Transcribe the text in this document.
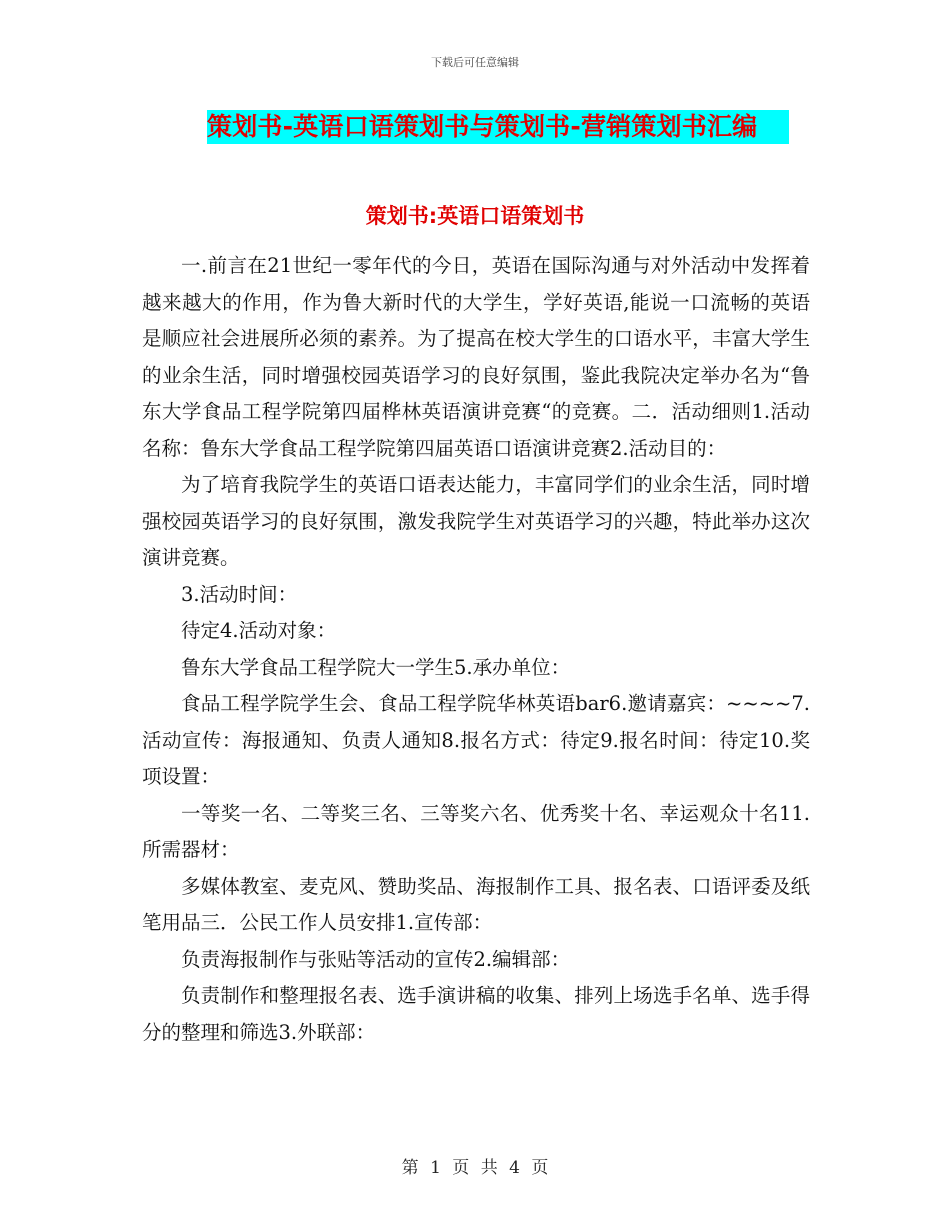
下载后可任意编辑
策划书-英语口语策划书与策划书-营销策划书汇编
策划书:英语口语策划书

一.前言在21世纪一零年代的今日，英语在国际沟通与对外活动中发挥着越来越大的作用，作为鲁大新时代的大学生，学好英语,能说一口流畅的英语是顺应社会进展所必须的素养。为了提高在校大学生的口语水平，丰富大学生的业余生活，同时增强校园英语学习的良好氛围，鉴此我院决定举办名为“鲁东大学食品工程学院第四届桦林英语演讲竞赛“的竞赛。二．活动细则1.活动名称：鲁东大学食品工程学院第四届英语口语演讲竞赛2.活动目的：

为了培育我院学生的英语口语表达能力，丰富同学们的业余生活，同时增强校园英语学习的良好氛围，激发我院学生对英语学习的兴趣，特此举办这次演讲竞赛。

3.活动时间：

待定4.活动对象：

鲁东大学食品工程学院大一学生5.承办单位：

食品工程学院学生会、食品工程学院华林英语bar6.邀请嘉宾：~~~~7.活动宣传：海报通知、负责人通知8.报名方式：待定9.报名时间：待定10.奖项设置：

一等奖一名、二等奖三名、三等奖六名、优秀奖十名、幸运观众十名11.所需器材：

多媒体教室、麦克风、赞助奖品、海报制作工具、报名表、口语评委及纸笔用品三．公民工作人员安排1.宣传部：

负责海报制作与张贴等活动的宣传2.编辑部：

负责制作和整理报名表、选手演讲稿的收集、排列上场选手名单、选手得分的整理和筛选3.外联部：

第 1 页 共 4 页
